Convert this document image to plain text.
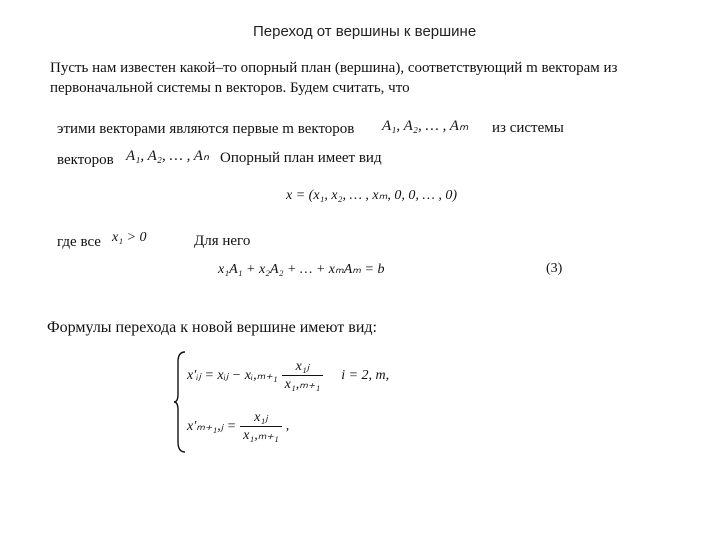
Переход от вершины к вершине
Пусть нам известен какой–то опорный план (вершина), соответствующий m векторам из
первоначальной системы n векторов. Будем считать, что
этими векторами являются первые m векторов A₁, A₂, … , Aₘ из системы
векторов A₁, A₂, … , Aₙ Опорный план имеет вид
x = (x₁, x₂, … , xₘ, 0, 0, … , 0)
где все x₁ > 0	Для него
x₁A₁ + x₂A₂ + … + xₘAₘ = b	(3)
Формулы перехода к новой вершине имеют вид:
x′ᵢⱼ = xᵢⱼ − xᵢ,ₘ₊₁ $\frac{\text{x₁ⱼ}}{\text{x₁,ₘ₊₁}}$ i = 2, m,
x′ₘ₊₁,ⱼ = $\frac{\text{x₁ⱼ}}{\text{x₁,ₘ₊₁}}$ ,
